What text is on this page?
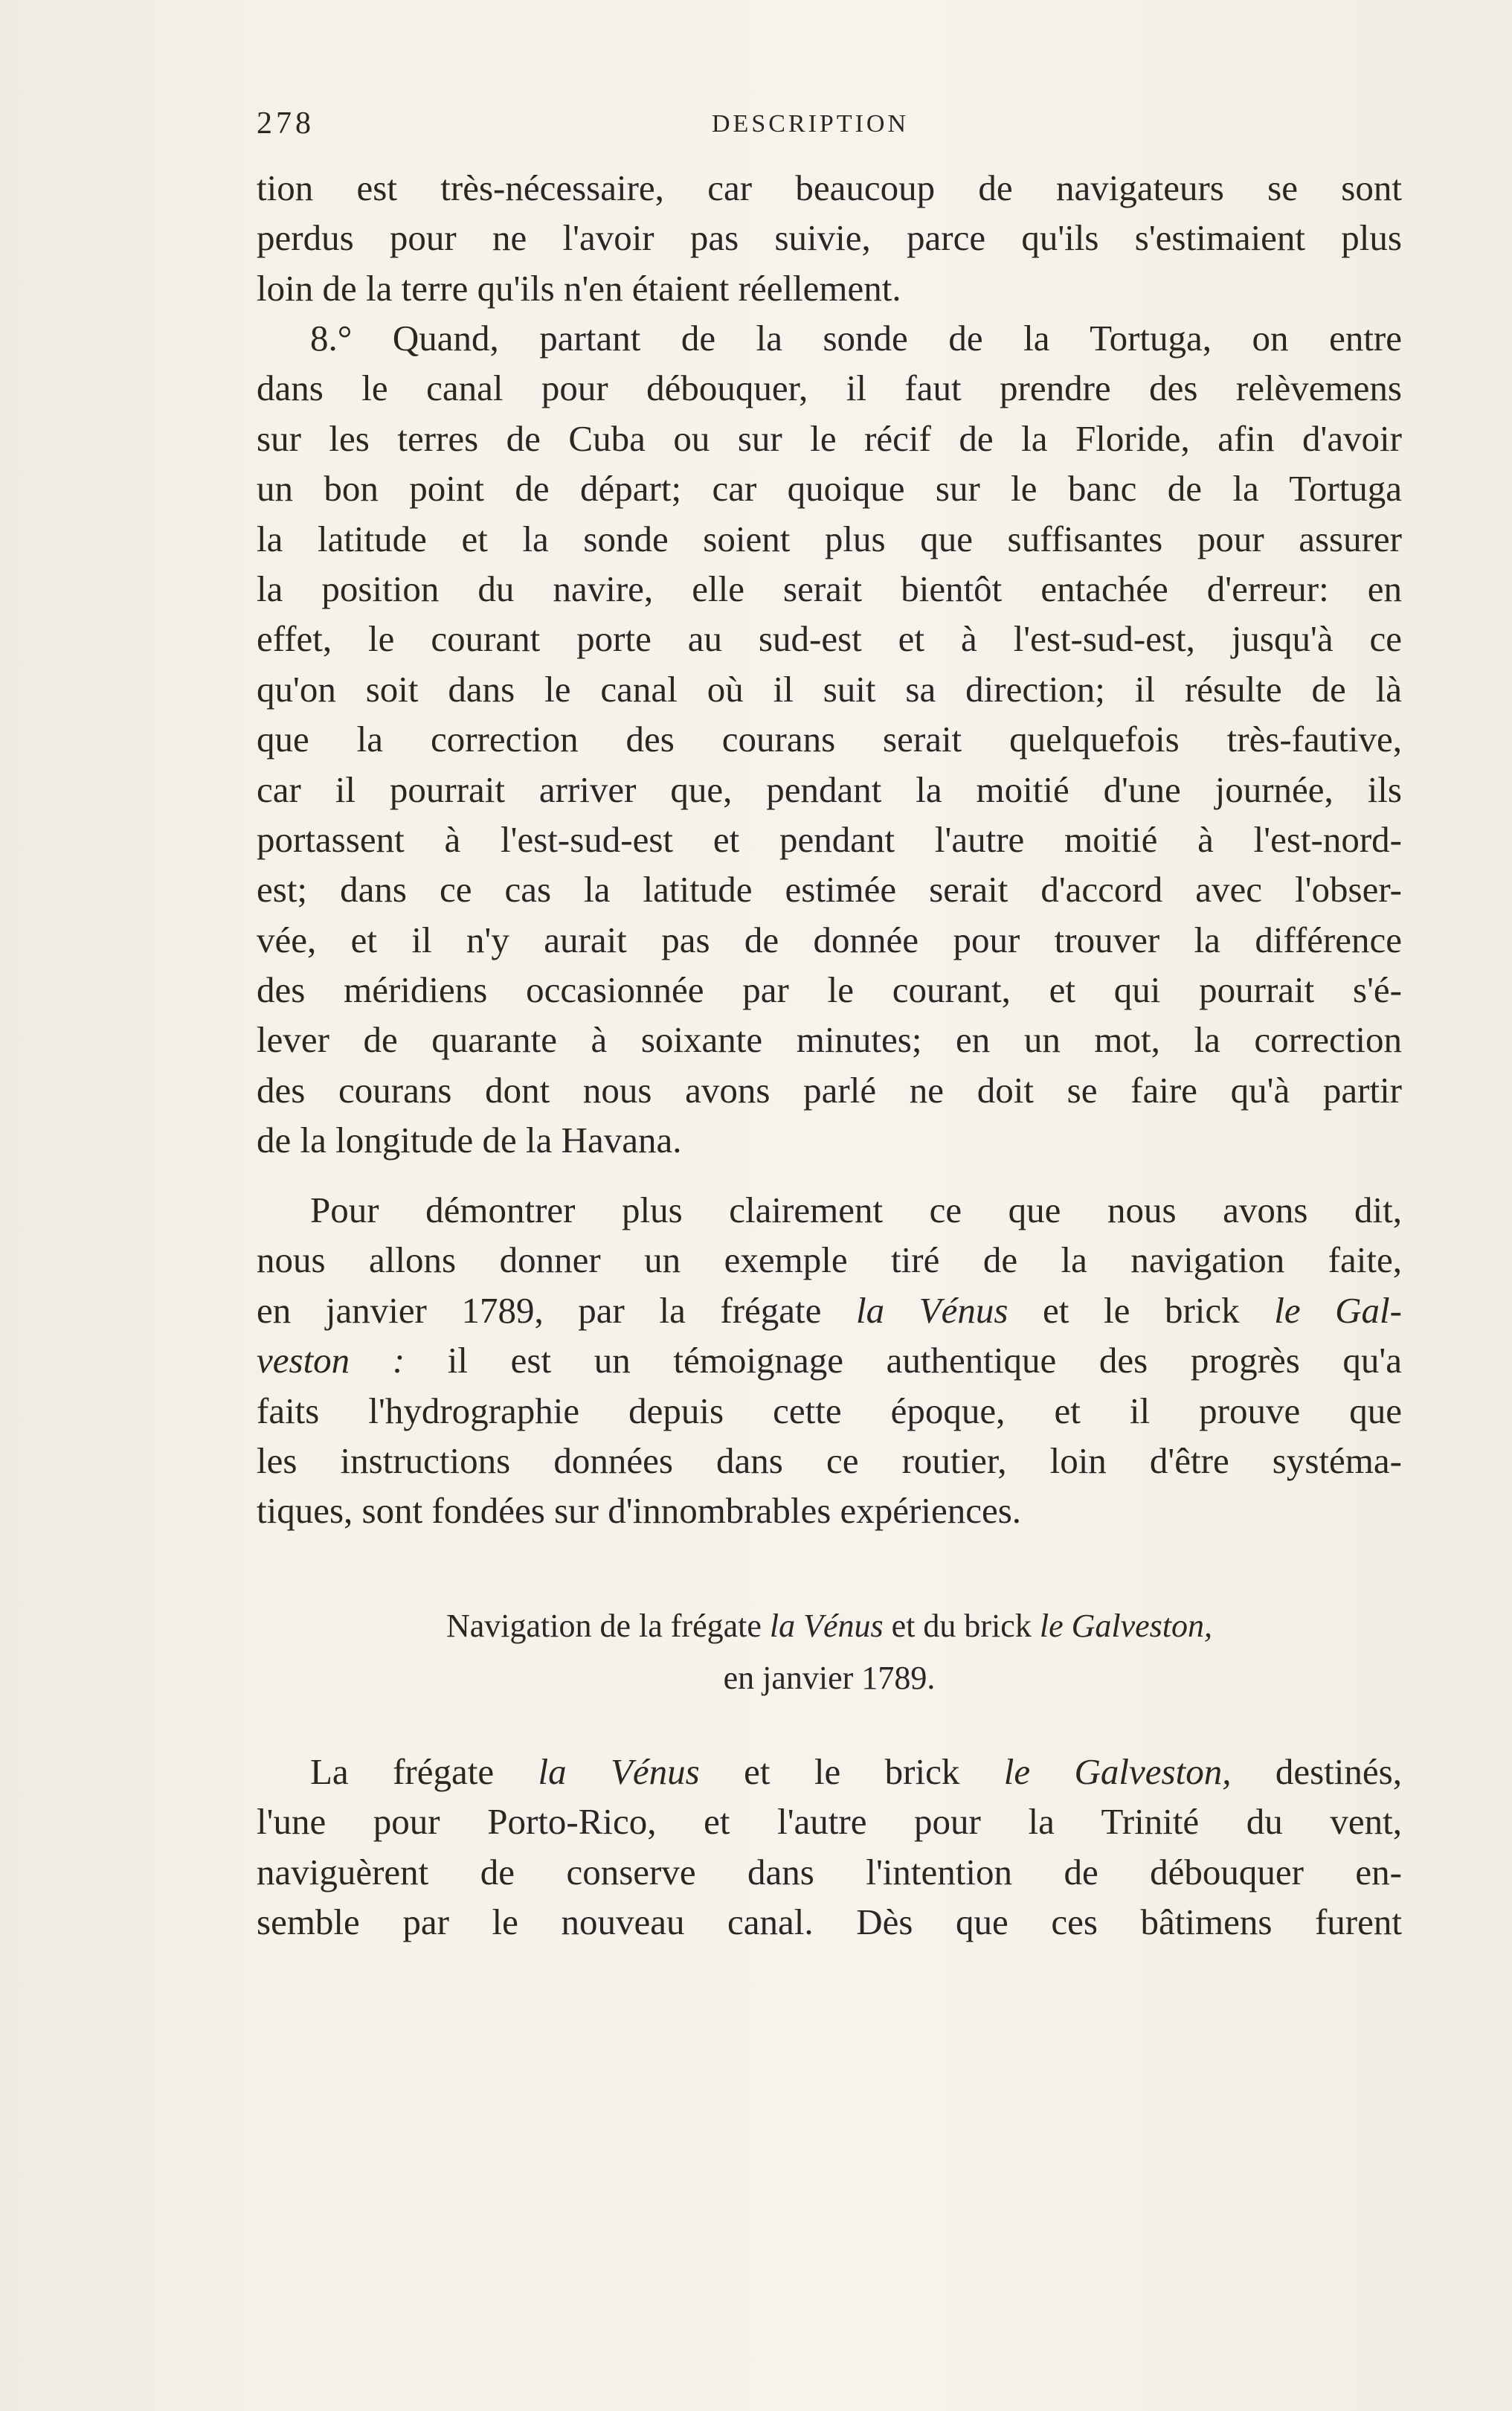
278	DESCRIPTION
tion est très-nécessaire, car beaucoup de navigateurs se sont
perdus pour ne l'avoir pas suivie, parce qu'ils s'estimaient plus
loin de la terre qu'ils n'en étaient réellement.
8.° Quand, partant de la sonde de la Tortuga, on entre
dans le canal pour débouquer, il faut prendre des relèvemens
sur les terres de Cuba ou sur le récif de la Floride, afin d'avoir
un bon point de départ; car quoique sur le banc de la Tortuga
la latitude et la sonde soient plus que suffisantes pour assurer
la position du navire, elle serait bientôt entachée d'erreur: en
effet, le courant porte au sud-est et à l'est-sud-est, jusqu'à ce
qu'on soit dans le canal où il suit sa direction; il résulte de là
que la correction des courans serait quelquefois très-fautive,
car il pourrait arriver que, pendant la moitié d'une journée, ils
portassent à l'est-sud-est et pendant l'autre moitié à l'est-nord-
est; dans ce cas la latitude estimée serait d'accord avec l'obser-
vée, et il n'y aurait pas de donnée pour trouver la différence
des méridiens occasionnée par le courant, et qui pourrait s'é-
lever de quarante à soixante minutes; en un mot, la correction
des courans dont nous avons parlé ne doit se faire qu'à partir
de la longitude de la Havana.
Pour démontrer plus clairement ce que nous avons dit,
nous allons donner un exemple tiré de la navigation faite,
en janvier 1789, par la frégate la Vénus et le brick le Gal-
veston : il est un témoignage authentique des progrès qu'a
faits l'hydrographie depuis cette époque, et il prouve que
les instructions données dans ce routier, loin d'être systéma-
tiques, sont fondées sur d'innombrables expériences.
Navigation de la frégate la Vénus et du brick le Galveston,
en janvier 1789.
La frégate la Vénus et le brick le Galveston, destinés,
l'une pour Porto-Rico, et l'autre pour la Trinité du vent,
naviguèrent de conserve dans l'intention de débouquer en-
semble par le nouveau canal. Dès que ces bâtimens furent
